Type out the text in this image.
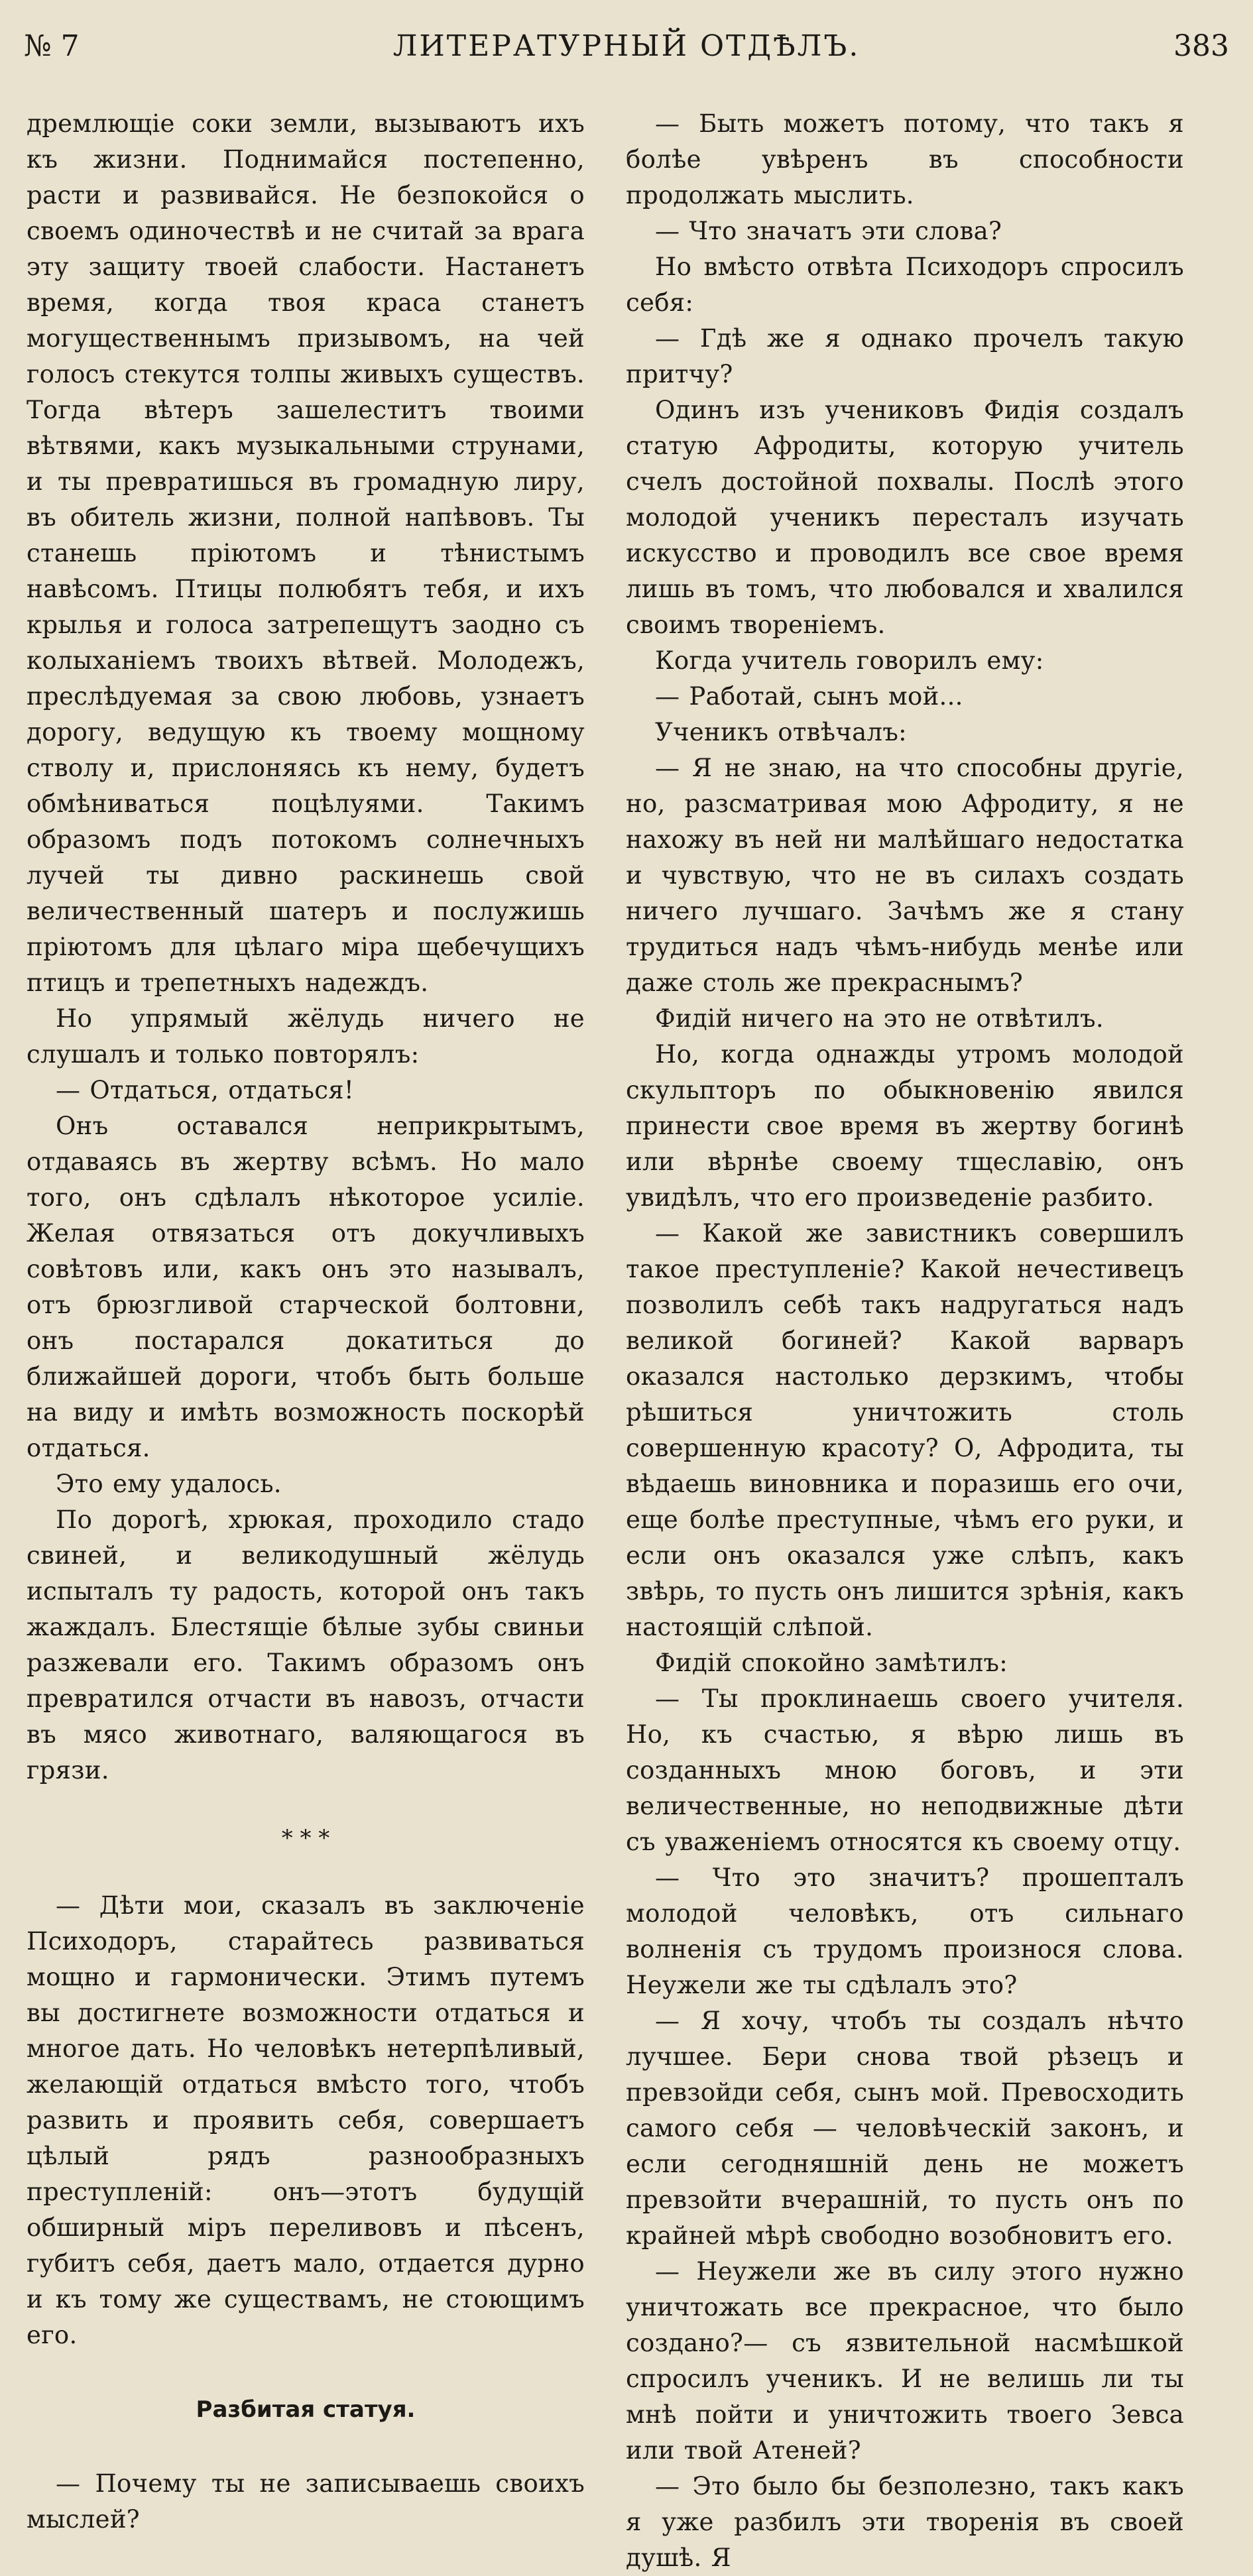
№ 7	ЛИТЕРАТУРНЫЙ ОТДѢЛЪ.	383

дремлющіе соки земли, вызываютъ ихъ къ жизни. Поднимайся постепенно, расти и развивайся. Не безпокойся о своемъ одиночествѣ и не считай за врага эту защиту твоей слабости. Настанетъ время, когда твоя краса станетъ могущественнымъ призывомъ, на чей голосъ стекутся толпы живыхъ существъ. Тогда вѣтеръ зашелеститъ твоими вѣтвями, какъ музыкальными струнами, и ты превратишься въ громадную лиру, въ обитель жизни, полной напѣвовъ. Ты станешь пріютомъ и тѣнистымъ навѣсомъ. Птицы полюбятъ тебя, и ихъ крылья и голоса затрепещутъ заодно съ колыханіемъ твоихъ вѣтвей. Молодежъ, преслѣдуемая за свою любовь, узнаетъ дорогу, ведущую къ твоему мощному стволу и, прислоняясь къ нему, будетъ обмѣниваться поцѣлуями. Такимъ образомъ подъ потокомъ солнечныхъ лучей ты дивно раскинешь свой величественный шатеръ и послужишь пріютомъ для цѣлаго міра щебечущихъ птицъ и трепетныхъ надеждъ.

Но упрямый жёлудь ничего не слушалъ и только повторялъ:

— Отдаться, отдаться!

Онъ оставался неприкрытымъ, отдаваясь въ жертву всѣмъ. Но мало того, онъ сдѣлалъ нѣкоторое усиліе. Желая отвязаться отъ докучливыхъ совѣтовъ или, какъ онъ это называлъ, отъ брюзгливой старческой болтовни, онъ постарался докатиться до ближайшей дороги, чтобъ быть больше на виду и имѣть возможность поскорѣй отдаться.

Это ему удалось.

По дорогѣ, хрюкая, проходило стадо свиней, и великодушный жёлудь испыталъ ту радость, которой онъ такъ жаждалъ. Блестящіе бѣлые зубы свиньи разжевали его. Такимъ образомъ онъ превратился отчасти въ навозъ, отчасти въ мясо животнаго, валяющагося въ грязи.

* * *

— Дѣти мои, сказалъ въ заключеніе Психодоръ, старайтесь развиваться мощно и гармонически. Этимъ путемъ вы достигнете возможности отдаться и многое дать. Но человѣкъ нетерпѣливый, желающій отдаться вмѣсто того, чтобъ развить и проявить себя, совершаетъ цѣлый рядъ разнообразныхъ преступленій: онъ—этотъ будущій обширный міръ переливовъ и пѣсенъ, губитъ себя, даетъ мало, отдается дурно и къ тому же существамъ, не стоющимъ его.

Разбитая статуя.

— Почему ты не записываешь своихъ мыслей?

— Быть можетъ потому, что такъ я болѣе увѣренъ въ способности продолжать мыслить.

— Что значатъ эти слова?

Но вмѣсто отвѣта Психодоръ спросилъ себя:

— Гдѣ же я однако прочелъ такую притчу?

Одинъ изъ учениковъ Фидія создалъ статую Афродиты, которую учитель счелъ достойной похвалы. Послѣ этого молодой ученикъ пересталъ изучать искусство и проводилъ все свое время лишь въ томъ, что любовался и хвалился своимъ твореніемъ.

Когда учитель говорилъ ему:

— Работай, сынъ мой...

Ученикъ отвѣчалъ:

— Я не знаю, на что способны другіе, но, разсматривая мою Афродиту, я не нахожу въ ней ни малѣйшаго недостатка и чувствую, что не въ силахъ создать ничего лучшаго. Зачѣмъ же я стану трудиться надъ чѣмъ-нибудь менѣе или даже столь же прекраснымъ?

Фидій ничего на это не отвѣтилъ.

Но, когда однажды утромъ молодой скульпторъ по обыкновенію явился принести свое время въ жертву богинѣ или вѣрнѣе своему тщеславію, онъ увидѣлъ, что его произведеніе разбито.

— Какой же завистникъ совершилъ такое преступленіе? Какой нечестивецъ позволилъ себѣ такъ надругаться надъ великой богиней? Какой варваръ оказался настолько дерзкимъ, чтобы рѣшиться уничтожить столь совершенную красоту? О, Афродита, ты вѣдаешь виновника и поразишь его очи, еще болѣе преступные, чѣмъ его руки, и если онъ оказался уже слѣпъ, какъ звѣрь, то пусть онъ лишится зрѣнія, какъ настоящій слѣпой.

Фидій спокойно замѣтилъ:

— Ты проклинаешь своего учителя. Но, къ счастью, я вѣрю лишь въ созданныхъ мною боговъ, и эти величественные, но неподвижные дѣти съ уваженіемъ относятся къ своему отцу.

— Что это значитъ? прошепталъ молодой человѣкъ, отъ сильнаго волненія съ трудомъ произнося слова. Неужели же ты сдѣлалъ это?

— Я хочу, чтобъ ты создалъ нѣчто лучшее. Бери снова твой рѣзецъ и превзойди себя, сынъ мой. Превосходить самого себя — человѣческій законъ, и если сегодняшній день не можетъ превзойти вчерашній, то пусть онъ по крайней мѣрѣ свободно возобновитъ его.

— Неужели же въ силу этого нужно уничтожать все прекрасное, что было создано?— съ язвительной насмѣшкой спросилъ ученикъ. И не велишь ли ты мнѣ пойти и уничтожить твоего Зевса или твой Атеней?

— Это было бы безполезно, такъ какъ я уже разбилъ эти творенія въ своей душѣ. Я
